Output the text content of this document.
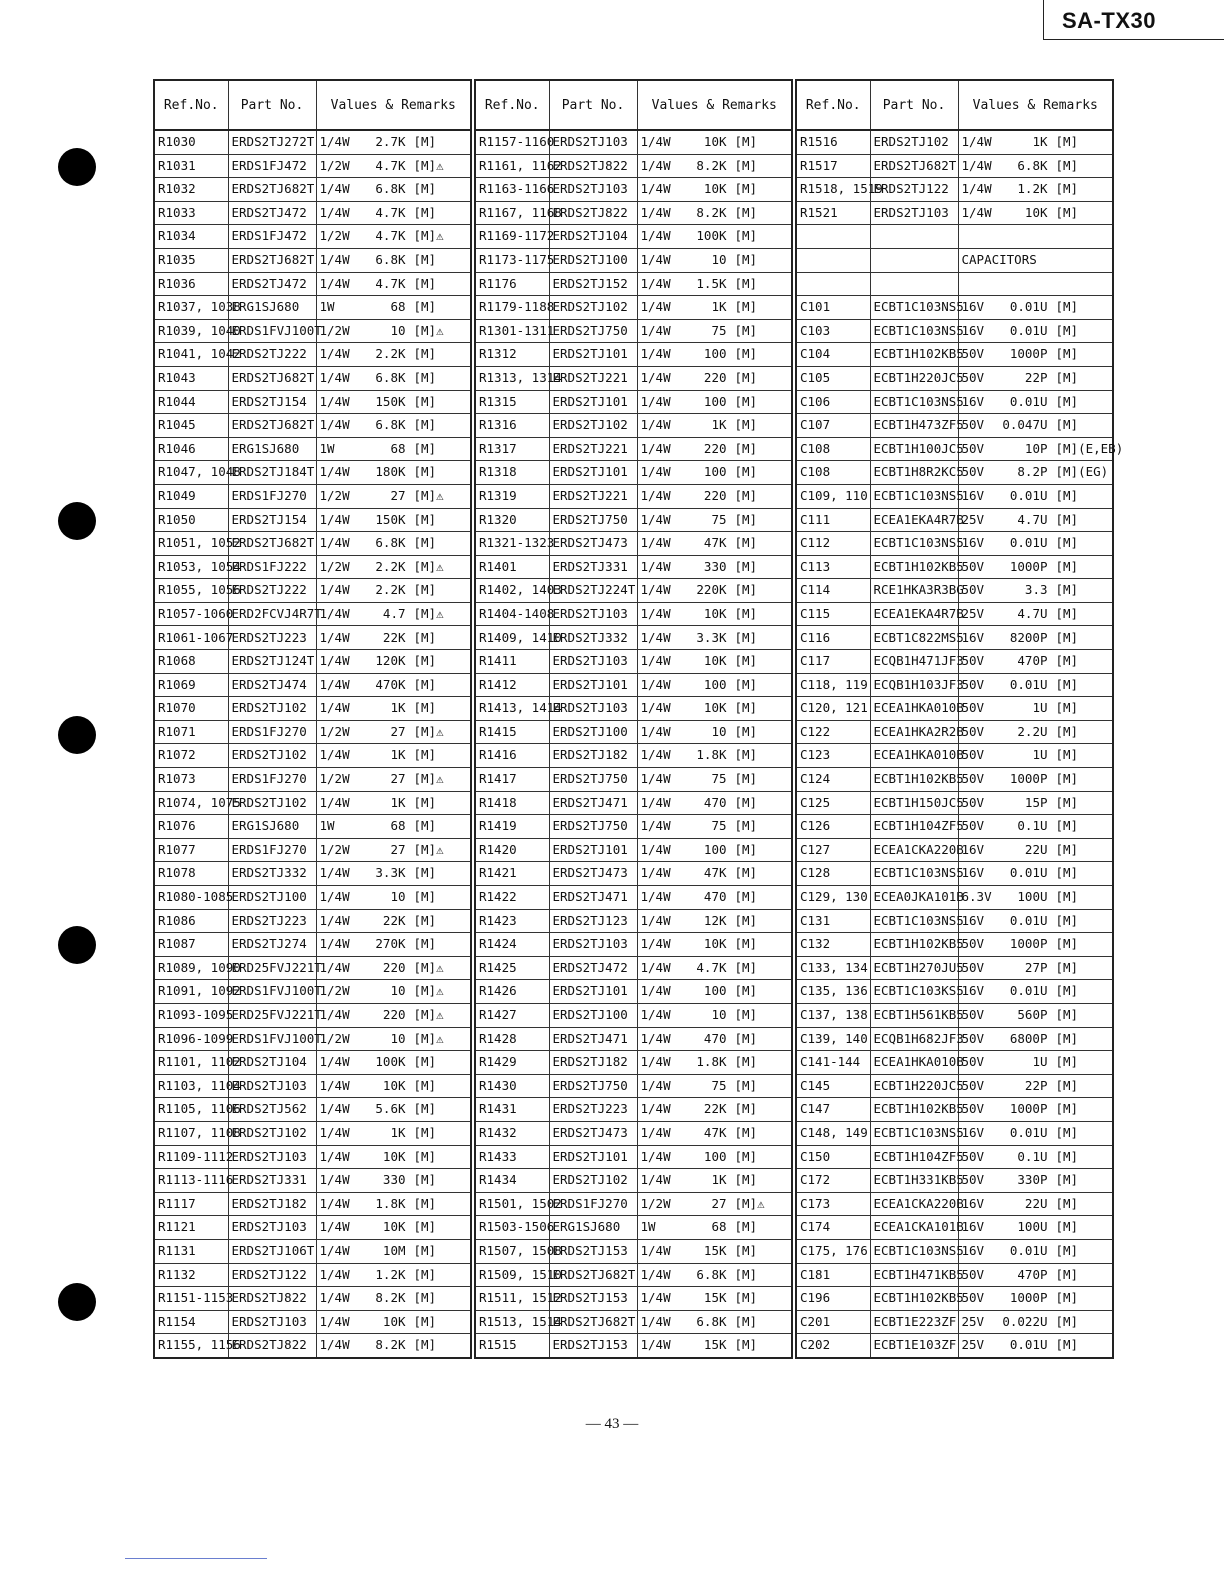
SA-TX30
Ref.No.	Part No.	Values & Remarks
R1030	ERDS2TJ272T	1/4W 2.7K [M]
R1031	ERDS1FJ472	1/2W 4.7K [M]⚠
R1032	ERDS2TJ682T	1/4W 6.8K [M]
R1033	ERDS2TJ472	1/4W 4.7K [M]
R1034	ERDS1FJ472	1/2W 4.7K [M]⚠
R1035	ERDS2TJ682T	1/4W 6.8K [M]
R1036	ERDS2TJ472	1/4W 4.7K [M]
R1037, 1038	ERG1SJ680	1W 68 [M]
R1039, 1040	ERDS1FVJ100T	1/2W 10 [M]⚠
R1041, 1042	ERDS2TJ222	1/4W 2.2K [M]
R1043	ERDS2TJ682T	1/4W 6.8K [M]
R1044	ERDS2TJ154	1/4W 150K [M]
R1045	ERDS2TJ682T	1/4W 6.8K [M]
R1046	ERG1SJ680	1W 68 [M]
R1047, 1048	ERDS2TJ184T	1/4W 180K [M]
R1049	ERDS1FJ270	1/2W 27 [M]⚠
R1050	ERDS2TJ154	1/4W 150K [M]
R1051, 1052	ERDS2TJ682T	1/4W 6.8K [M]
R1053, 1054	ERDS1FJ222	1/2W 2.2K [M]⚠
R1055, 1056	ERDS2TJ222	1/4W 2.2K [M]
R1057-1060	ERD2FCVJ4R7T	1/4W 4.7 [M]⚠
R1061-1067	ERDS2TJ223	1/4W 22K [M]
R1068	ERDS2TJ124T	1/4W 120K [M]
R1069	ERDS2TJ474	1/4W 470K [M]
R1070	ERDS2TJ102	1/4W 1K [M]
R1071	ERDS1FJ270	1/2W 27 [M]⚠
R1072	ERDS2TJ102	1/4W 1K [M]
R1073	ERDS1FJ270	1/2W 27 [M]⚠
R1074, 1075	ERDS2TJ102	1/4W 1K [M]
R1076	ERG1SJ680	1W 68 [M]
R1077	ERDS1FJ270	1/2W 27 [M]⚠
R1078	ERDS2TJ332	1/4W 3.3K [M]
R1080-1085	ERDS2TJ100	1/4W 10 [M]
R1086	ERDS2TJ223	1/4W 22K [M]
R1087	ERDS2TJ274	1/4W 270K [M]
R1089, 1090	ERD25FVJ221T	1/4W 220 [M]⚠
R1091, 1092	ERDS1FVJ100T	1/2W 10 [M]⚠
R1093-1095	ERD25FVJ221T	1/4W 220 [M]⚠
R1096-1099	ERDS1FVJ100T	1/2W 10 [M]⚠
R1101, 1102	ERDS2TJ104	1/4W 100K [M]
R1103, 1104	ERDS2TJ103	1/4W 10K [M]
R1105, 1106	ERDS2TJ562	1/4W 5.6K [M]
R1107, 1108	ERDS2TJ102	1/4W 1K [M]
R1109-1112	ERDS2TJ103	1/4W 10K [M]
R1113-1116	ERDS2TJ331	1/4W 330 [M]
R1117	ERDS2TJ182	1/4W 1.8K [M]
R1121	ERDS2TJ103	1/4W 10K [M]
R1131	ERDS2TJ106T	1/4W 10M [M]
R1132	ERDS2TJ122	1/4W 1.2K [M]
R1151-1153	ERDS2TJ822	1/4W 8.2K [M]
R1154	ERDS2TJ103	1/4W 10K [M]
R1155, 1156	ERDS2TJ822	1/4W 8.2K [M]
Ref.No.	Part No.	Values & Remarks
R1157-1160	ERDS2TJ103	1/4W 10K [M]
R1161, 1162	ERDS2TJ822	1/4W 8.2K [M]
R1163-1166	ERDS2TJ103	1/4W 10K [M]
R1167, 1168	ERDS2TJ822	1/4W 8.2K [M]
R1169-1172	ERDS2TJ104	1/4W 100K [M]
R1173-1175	ERDS2TJ100	1/4W 10 [M]
R1176	ERDS2TJ152	1/4W 1.5K [M]
R1179-1188	ERDS2TJ102	1/4W 1K [M]
R1301-1311	ERDS2TJ750	1/4W 75 [M]
R1312	ERDS2TJ101	1/4W 100 [M]
R1313, 1314	ERDS2TJ221	1/4W 220 [M]
R1315	ERDS2TJ101	1/4W 100 [M]
R1316	ERDS2TJ102	1/4W 1K [M]
R1317	ERDS2TJ221	1/4W 220 [M]
R1318	ERDS2TJ101	1/4W 100 [M]
R1319	ERDS2TJ221	1/4W 220 [M]
R1320	ERDS2TJ750	1/4W 75 [M]
R1321-1323	ERDS2TJ473	1/4W 47K [M]
R1401	ERDS2TJ331	1/4W 330 [M]
R1402, 1403	ERDS2TJ224T	1/4W 220K [M]
R1404-1408	ERDS2TJ103	1/4W 10K [M]
R1409, 1410	ERDS2TJ332	1/4W 3.3K [M]
R1411	ERDS2TJ103	1/4W 10K [M]
R1412	ERDS2TJ101	1/4W 100 [M]
R1413, 1414	ERDS2TJ103	1/4W 10K [M]
R1415	ERDS2TJ100	1/4W 10 [M]
R1416	ERDS2TJ182	1/4W 1.8K [M]
R1417	ERDS2TJ750	1/4W 75 [M]
R1418	ERDS2TJ471	1/4W 470 [M]
R1419	ERDS2TJ750	1/4W 75 [M]
R1420	ERDS2TJ101	1/4W 100 [M]
R1421	ERDS2TJ473	1/4W 47K [M]
R1422	ERDS2TJ471	1/4W 470 [M]
R1423	ERDS2TJ123	1/4W 12K [M]
R1424	ERDS2TJ103	1/4W 10K [M]
R1425	ERDS2TJ472	1/4W 4.7K [M]
R1426	ERDS2TJ101	1/4W 100 [M]
R1427	ERDS2TJ100	1/4W 10 [M]
R1428	ERDS2TJ471	1/4W 470 [M]
R1429	ERDS2TJ182	1/4W 1.8K [M]
R1430	ERDS2TJ750	1/4W 75 [M]
R1431	ERDS2TJ223	1/4W 22K [M]
R1432	ERDS2TJ473	1/4W 47K [M]
R1433	ERDS2TJ101	1/4W 100 [M]
R1434	ERDS2TJ102	1/4W 1K [M]
R1501, 1502	ERDS1FJ270	1/2W 27 [M]⚠
R1503-1506	ERG1SJ680	1W 68 [M]
R1507, 1508	ERDS2TJ153	1/4W 15K [M]
R1509, 1510	ERDS2TJ682T	1/4W 6.8K [M]
R1511, 1512	ERDS2TJ153	1/4W 15K [M]
R1513, 1514	ERDS2TJ682T	1/4W 6.8K [M]
R1515	ERDS2TJ153	1/4W 15K [M]
Ref.No.	Part No.	Values & Remarks
R1516	ERDS2TJ102	1/4W 1K [M]
R1517	ERDS2TJ682T	1/4W 6.8K [M]
R1518, 1519	ERDS2TJ122	1/4W 1.2K [M]
R1521	ERDS2TJ103	1/4W 10K [M]

		CAPACITORS

C101	ECBT1C103NS5	16V 0.01U [M]
C103	ECBT1C103NS5	16V 0.01U [M]
C104	ECBT1H102KB5	50V 1000P [M]
C105	ECBT1H220JC5	50V 22P [M]
C106	ECBT1C103NS5	16V 0.01U [M]
C107	ECBT1H473ZF5	50V 0.047U [M]
C108	ECBT1H100JC5	50V 10P [M](E,EB)
C108	ECBT1H8R2KC5	50V 8.2P [M](EG)
C109, 110	ECBT1C103NS5	16V 0.01U [M]
C111	ECEA1EKA4R7B	25V 4.7U [M]
C112	ECBT1C103NS5	16V 0.01U [M]
C113	ECBT1H102KB5	50V 1000P [M]
C114	RCE1HKA3R3BG	50V 3.3 [M]
C115	ECEA1EKA4R7B	25V 4.7U [M]
C116	ECBT1C822MS5	16V 8200P [M]
C117	ECQB1H471JF3	50V 470P [M]
C118, 119	ECQB1H103JF3	50V 0.01U [M]
C120, 121	ECEA1HKA010B	50V 1U [M]
C122	ECEA1HKA2R2B	50V 2.2U [M]
C123	ECEA1HKA010B	50V 1U [M]
C124	ECBT1H102KB5	50V 1000P [M]
C125	ECBT1H150JC5	50V 15P [M]
C126	ECBT1H104ZF5	50V 0.1U [M]
C127	ECEA1CKA220B	16V 22U [M]
C128	ECBT1C103NS5	16V 0.01U [M]
C129, 130	ECEA0JKA101B	6.3V 100U [M]
C131	ECBT1C103NS5	16V 0.01U [M]
C132	ECBT1H102KB5	50V 1000P [M]
C133, 134	ECBT1H270JU5	50V 27P [M]
C135, 136	ECBT1C103KS5	16V 0.01U [M]
C137, 138	ECBT1H561KB5	50V 560P [M]
C139, 140	ECQB1H682JF3	50V 6800P [M]
C141-144	ECEA1HKA010B	50V 1U [M]
C145	ECBT1H220JC5	50V 22P [M]
C147	ECBT1H102KB5	50V 1000P [M]
C148, 149	ECBT1C103NS5	16V 0.01U [M]
C150	ECBT1H104ZF5	50V 0.1U [M]
C172	ECBT1H331KB5	50V 330P [M]
C173	ECEA1CKA220B	16V 22U [M]
C174	ECEA1CKA101B	16V 100U [M]
C175, 176	ECBT1C103NS5	16V 0.01U [M]
C181	ECBT1H471KB5	50V 470P [M]
C196	ECBT1H102KB5	50V 1000P [M]
C201	ECBT1E223ZF	25V 0.022U [M]
C202	ECBT1E103ZF	25V 0.01U [M]
— 43 —
